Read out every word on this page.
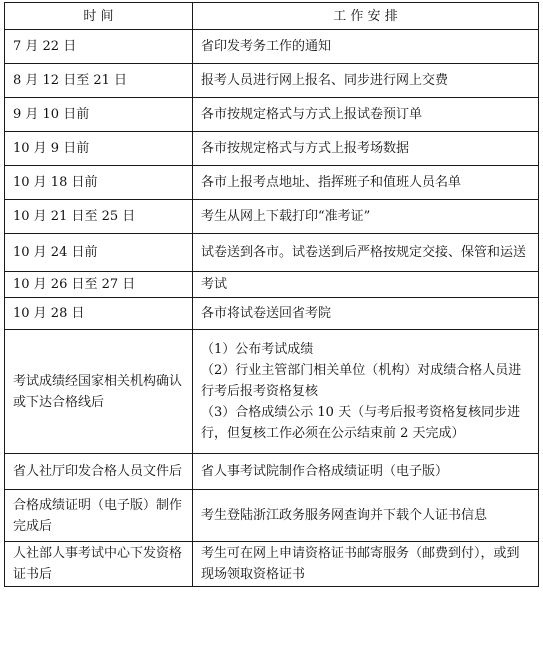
时 间	工 作 安 排

7 月 22 日	省印发考务工作的通知

8 月 12 日至 21 日	报考人员进行网上报名、同步进行网上交费

9 月 10 日前	各市按规定格式与方式上报试卷预订单

10 月 9 日前	各市按规定格式与方式上报考场数据

10 月 18 日前	各市上报考点地址、指挥班子和值班人员名单

10 月 21 日至 25 日	考生从网上下载打印“准考证”

10 月 24 日前	试卷送到各市。试卷送到后严格按规定交接、保管和运送

10 月 26 日至 27 日	考试

10 月 28 日	各市将试卷送回省考院

考试成绩经国家相关机构确认或下达合格线后	（1）公布考试成绩
（2）行业主管部门相关单位（机构）对成绩合格人员进行考后报考资格复核
（3）合格成绩公示 10 天（与考后报考资格复核同步进行，但复核工作必须在公示结束前 2 天完成）

省人社厅印发合格人员文件后	省人事考试院制作合格成绩证明（电子版）

合格成绩证明（电子版）制作完成后	考生登陆浙江政务服务网查询并下载个人证书信息

人社部人事考试中心下发资格证书后	考生可在网上申请资格证书邮寄服务（邮费到付），或到现场领取资格证书
